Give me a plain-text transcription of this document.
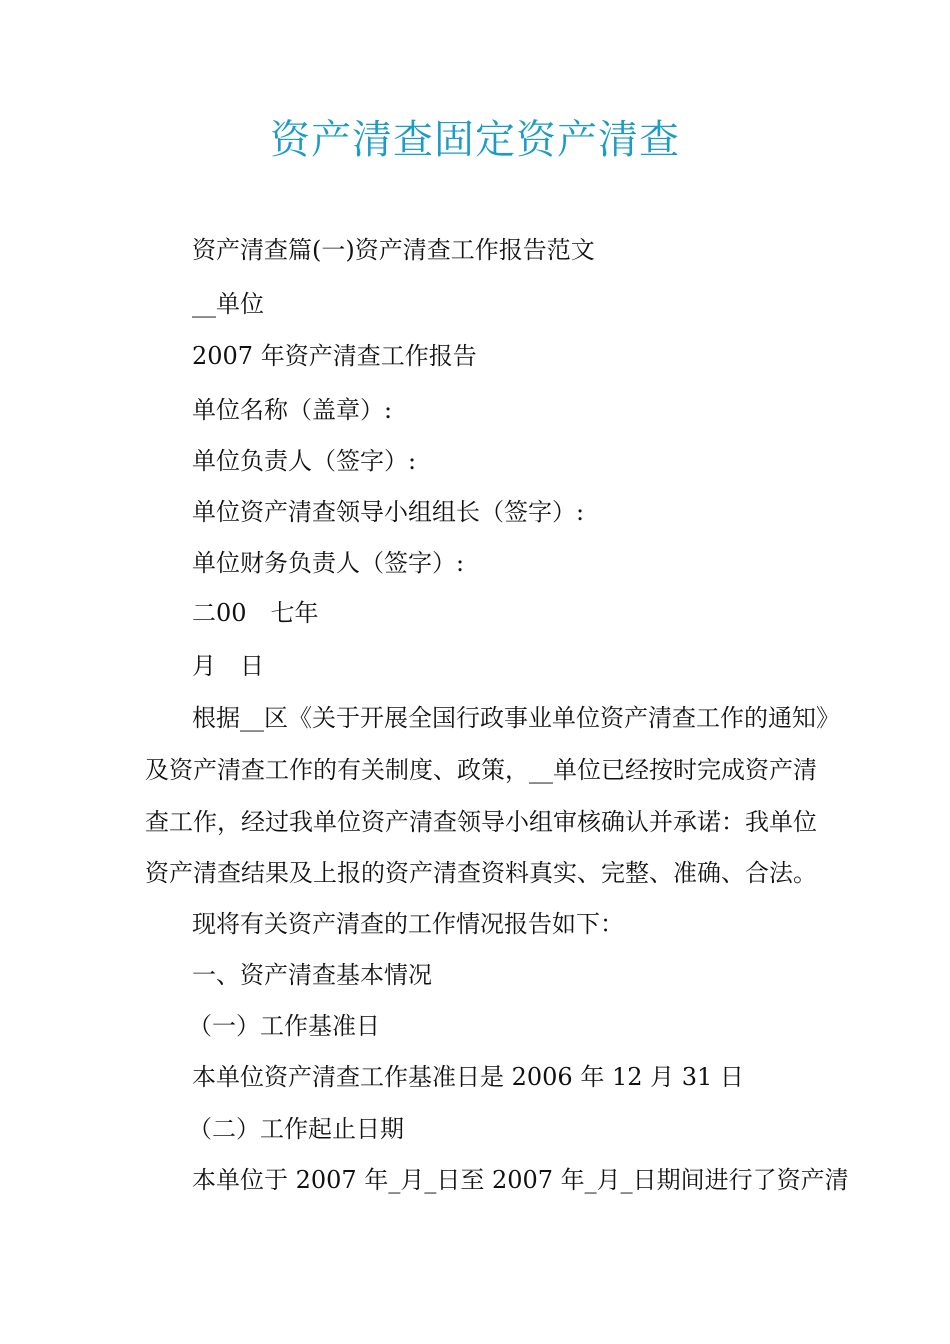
资产清查固定资产清查
资产清查篇(一)资产清查工作报告范文
__单位
2007 年资产清查工作报告
单位名称（盖章）:
单位负责人（签字）:
单位资产清查领导小组组长（签字）:
单位财务负责人（签字）:
二00　七年
月　日
根据__区《关于开展全国行政事业单位资产清查工作的通知》
及资产清查工作的有关制度、政策，__单位已经按时完成资产清
查工作，经过我单位资产清查领导小组审核确认并承诺：我单位
资产清查结果及上报的资产清查资料真实、完整、准确、合法。
现将有关资产清查的工作情况报告如下：
一、资产清查基本情况
（一）工作基准日
本单位资产清查工作基准日是 2006 年 12 月 31 日
（二）工作起止日期
本单位于 2007 年_月_日至 2007 年_月_日期间进行了资产清
